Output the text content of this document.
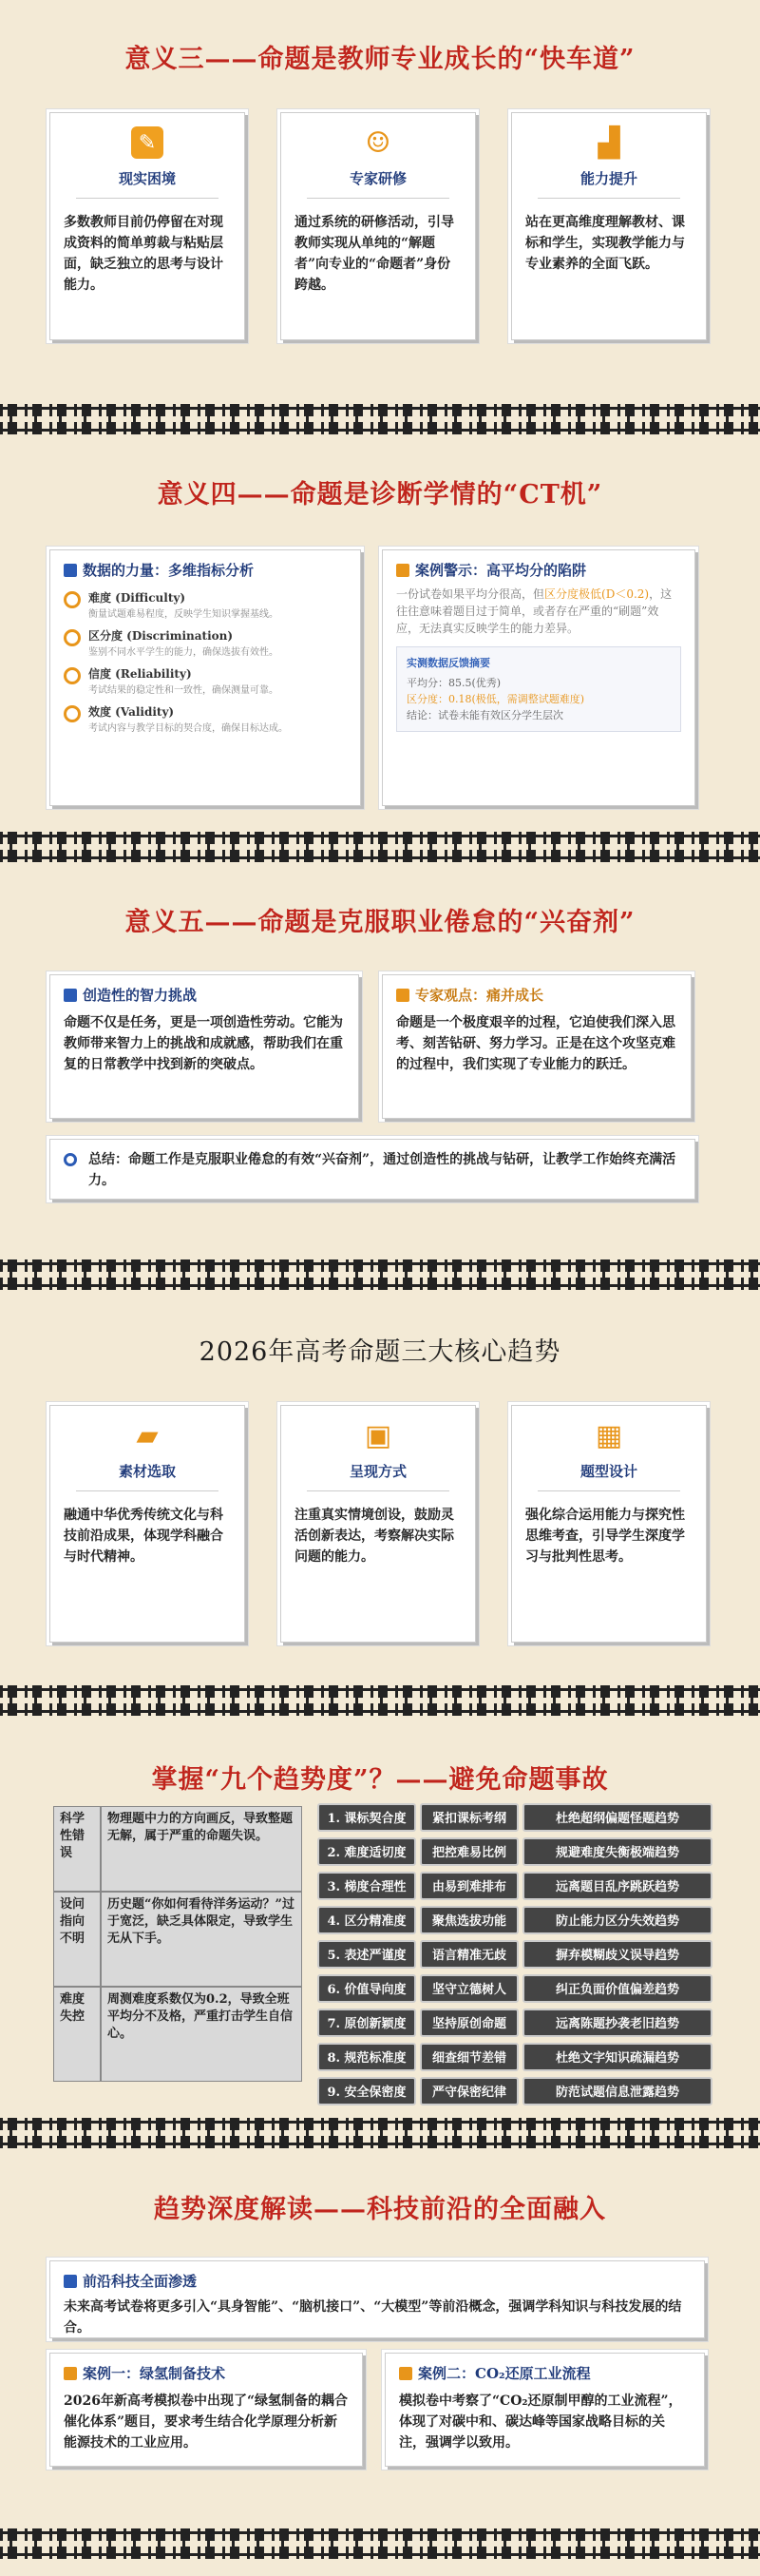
意义三——命题是教师专业成长的“快车道”
✎
现实困境
多数教师目前仍停留在对现成资料的简单剪裁与粘贴层面，缺乏独立的思考与设计能力。
☺
专家研修
通过系统的研修活动，引导教师实现从单纯的“解题者”向专业的“命题者”身份跨越。
▟
能力提升
站在更高维度理解教材、课标和学生，实现教学能力与专业素养的全面飞跃。
意义四——命题是诊断学情的“CT机”
数据的力量：多维指标分析
难度 (Difficulty)
衡量试题难易程度，反映学生知识掌握基线。
区分度 (Discrimination)
鉴别不同水平学生的能力，确保选拔有效性。
信度 (Reliability)
考试结果的稳定性和一致性，确保测量可靠。
效度 (Validity)
考试内容与教学目标的契合度，确保目标达成。
案例警示：高平均分的陷阱
一份试卷如果平均分很高，但区分度极低(D＜0.2)，这往往意味着题目过于简单，或者存在严重的“刷题”效应，无法真实反映学生的能力差异。
实测数据反馈摘要
平均分：85.5(优秀)
区分度：0.18(极低，需调整试题难度)
结论：试卷未能有效区分学生层次
意义五——命题是克服职业倦怠的“兴奋剂”
创造性的智力挑战
命题不仅是任务，更是一项创造性劳动。它能为教师带来智力上的挑战和成就感，帮助我们在重复的日常教学中找到新的突破点。
专家观点：痛并成长
命题是一个极度艰辛的过程，它迫使我们深入思考、刻苦钻研、努力学习。正是在这个攻坚克难的过程中，我们实现了专业能力的跃迁。
总结：命题工作是克服职业倦怠的有效“兴奋剂”，通过创造性的挑战与钻研，让教学工作始终充满活力。
2026年高考命题三大核心趋势
▰
素材选取
融通中华优秀传统文化与科技前沿成果，体现学科融合与时代精神。
▣
呈现方式
注重真实情境创设，鼓励灵活创新表达，考察解决实际问题的能力。
▦
题型设计
强化综合运用能力与探究性思维考查，引导学生深度学习与批判性思考。
掌握“九个趋势度”？——避免命题事故
科学性错误
物理题中力的方向画反，导致整题无解，属于严重的命题失误。
设问指向不明
历史题“你如何看待洋务运动？”过于宽泛，缺乏具体限定，导致学生无从下手。
难度失控
周测难度系数仅为0.2，导致全班平均分不及格，严重打击学生自信心。
1. 课标契合度	紧扣课标考纲	杜绝超纲偏题怪题趋势
2. 难度适切度	把控难易比例	规避难度失衡极端趋势
3. 梯度合理性	由易到难排布	远离题目乱序跳跃趋势
4. 区分精准度	聚焦选拔功能	防止能力区分失效趋势
5. 表述严谨度	语言精准无歧	摒弃模糊歧义误导趋势
6. 价值导向度	坚守立德树人	纠正负面价值偏差趋势
7. 原创新颖度	坚持原创命题	远离陈题抄袭老旧趋势
8. 规范标准度	细查细节差错	杜绝文字知识疏漏趋势
9. 安全保密度	严守保密纪律	防范试题信息泄露趋势
趋势深度解读——科技前沿的全面融入
前沿科技全面渗透
未来高考试卷将更多引入“具身智能”、“脑机接口”、“大模型”等前沿概念，强调学科知识与科技发展的结合。
案例一：绿氢制备技术
2026年新高考模拟卷中出现了“绿氢制备的耦合催化体系”题目，要求考生结合化学原理分析新能源技术的工业应用。
案例二：CO₂还原工业流程
模拟卷中考察了“CO₂还原制甲醇的工业流程”，体现了对碳中和、碳达峰等国家战略目标的关注，强调学以致用。
